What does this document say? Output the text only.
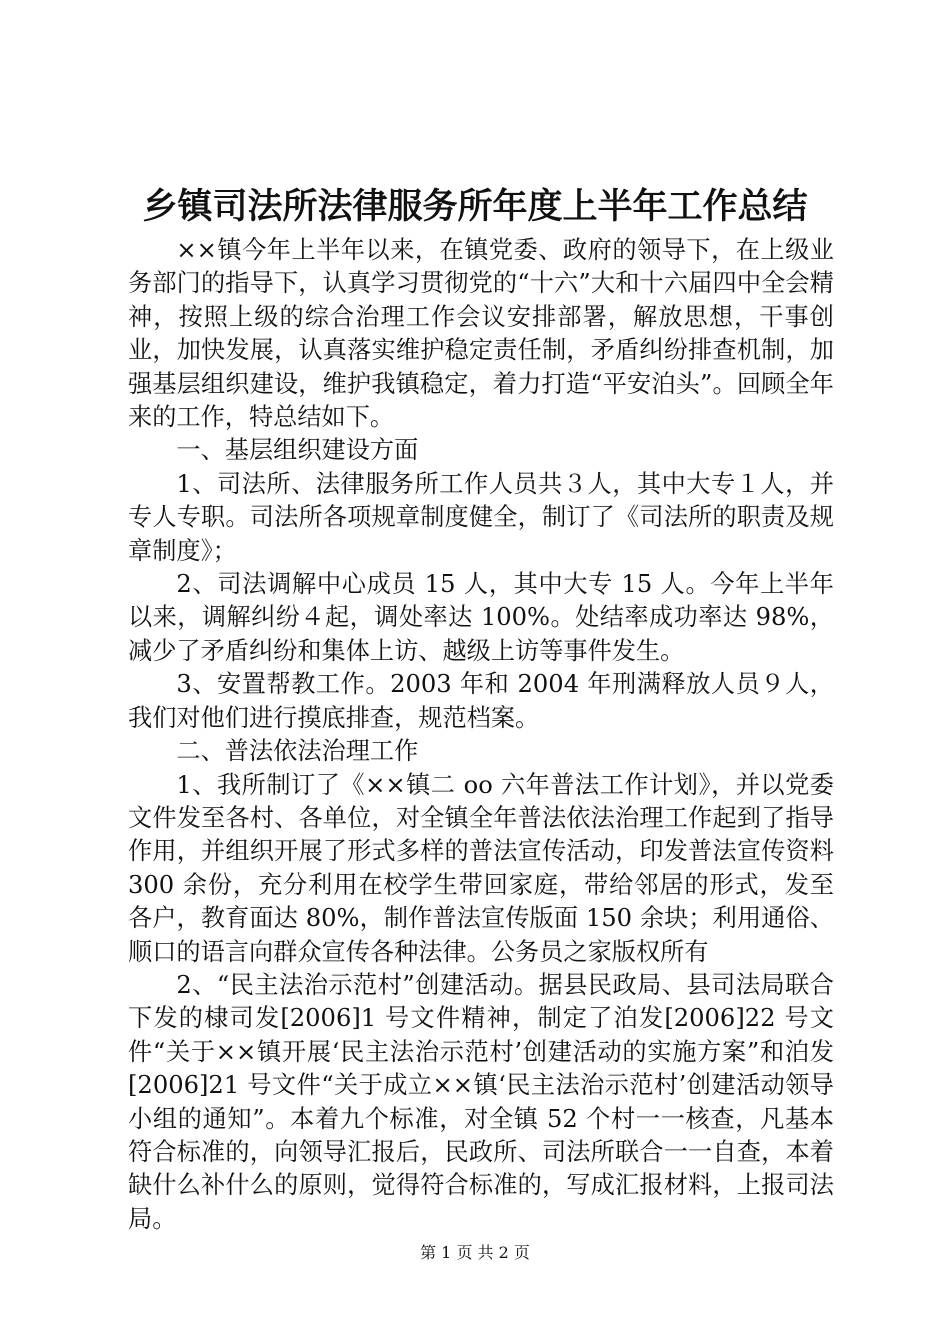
乡镇司法所法律服务所年度上半年工作总结

××镇今年上半年以来，在镇党委、政府的领导下，在上级业务部门的指导下，认真学习贯彻党的“十六”大和十六届四中全会精神，按照上级的综合治理工作会议安排部署，解放思想，干事创业，加快发展，认真落实维护稳定责任制，矛盾纠纷排查机制，加强基层组织建设，维护我镇稳定，着力打造“平安泊头”。回顾全年来的工作，特总结如下。

一、基层组织建设方面

1、司法所、法律服务所工作人员共３人，其中大专１人，并专人专职。司法所各项规章制度健全，制订了《司法所的职责及规章制度》；

2、司法调解中心成员 15 人，其中大专 15 人。今年上半年以来，调解纠纷４起，调处率达 100%。处结率成功率达 98%，减少了矛盾纠纷和集体上访、越级上访等事件发生。

3、安置帮教工作。2003 年和 2004 年刑满释放人员９人，我们对他们进行摸底排查，规范档案。

二、普法依法治理工作

1、我所制订了《××镇二 oo 六年普法工作计划》，并以党委文件发至各村、各单位，对全镇全年普法依法治理工作起到了指导作用，并组织开展了形式多样的普法宣传活动，印发普法宣传资料 300 余份，充分利用在校学生带回家庭，带给邻居的形式，发至各户，教育面达 80%，制作普法宣传版面 150 余块；利用通俗、顺口的语言向群众宣传各种法律。公务员之家版权所有

2、“民主法治示范村”创建活动。据县民政局、县司法局联合下发的棣司发[2006]1 号文件精神，制定了泊发[2006]22 号文件“关于××镇开展‘民主法治示范村’创建活动的实施方案”和泊发[2006]21 号文件“关于成立××镇‘民主法治示范村’创建活动领导小组的通知”。本着九个标准，对全镇 52 个村一一核查，凡基本符合标准的，向领导汇报后，民政所、司法所联合一一自查，本着缺什么补什么的原则，觉得符合标准的，写成汇报材料，上报司法局。

第 1 页 共 2 页
